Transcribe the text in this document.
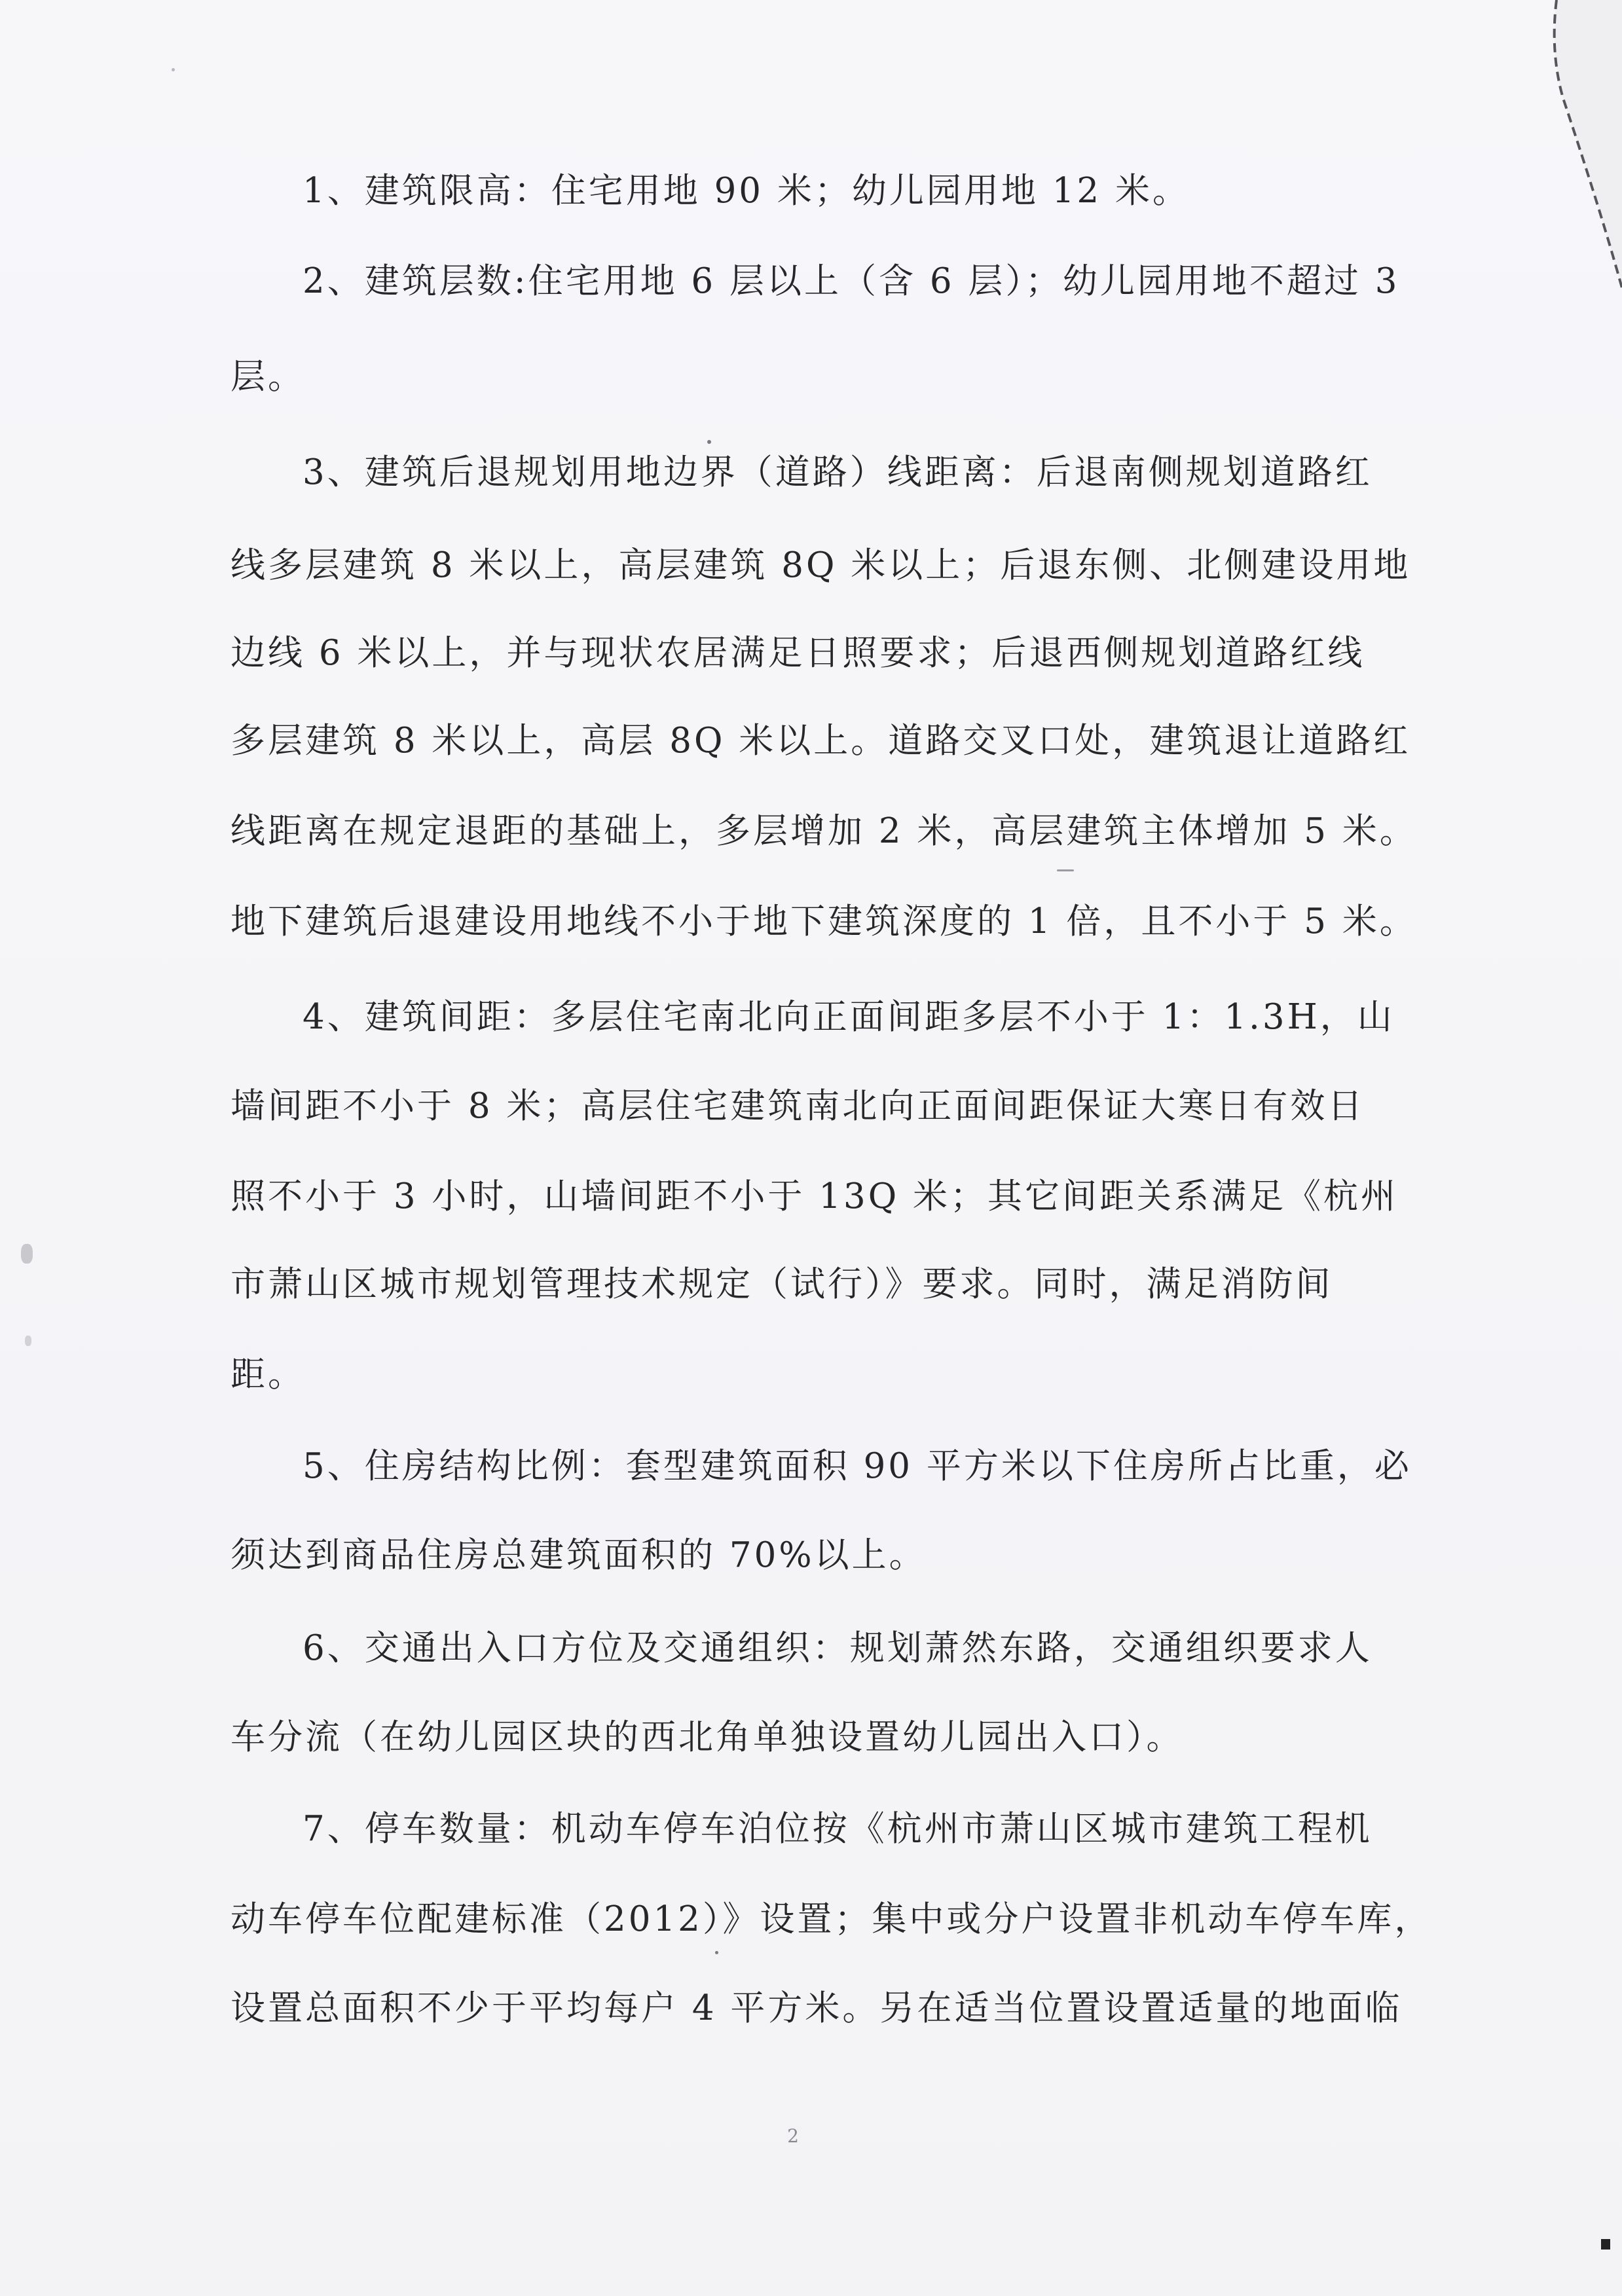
1、建筑限高：住宅用地 90 米；幼儿园用地 12 米。
2、建筑层数:住宅用地 6 层以上（含 6 层）；幼儿园用地不超过 3
层。
3、建筑后退规划用地边界（道路）线距离：后退南侧规划道路红
线多层建筑 8 米以上，高层建筑 8Q 米以上；后退东侧、北侧建设用地
边线 6 米以上，并与现状农居满足日照要求；后退西侧规划道路红线
多层建筑 8 米以上，高层 8Q 米以上。道路交叉口处，建筑退让道路红
线距离在规定退距的基础上，多层增加 2 米，高层建筑主体增加 5 米。
地下建筑后退建设用地线不小于地下建筑深度的 1 倍，且不小于 5 米。
4、建筑间距：多层住宅南北向正面间距多层不小于 1：1.3H，山
墙间距不小于 8 米；高层住宅建筑南北向正面间距保证大寒日有效日
照不小于 3 小时，山墙间距不小于 13Q 米；其它间距关系满足《杭州
市萧山区城市规划管理技术规定（试行）》要求。同时，满足消防间
距。
5、住房结构比例：套型建筑面积 90 平方米以下住房所占比重，必
须达到商品住房总建筑面积的 70%以上。
6、交通出入口方位及交通组织：规划萧然东路，交通组织要求人
车分流（在幼儿园区块的西北角单独设置幼儿园出入口）。
7、停车数量：机动车停车泊位按《杭州市萧山区城市建筑工程机
动车停车位配建标准（2012）》设置；集中或分户设置非机动车停车库，
设置总面积不少于平均每户 4 平方米。另在适当位置设置适量的地面临
2
